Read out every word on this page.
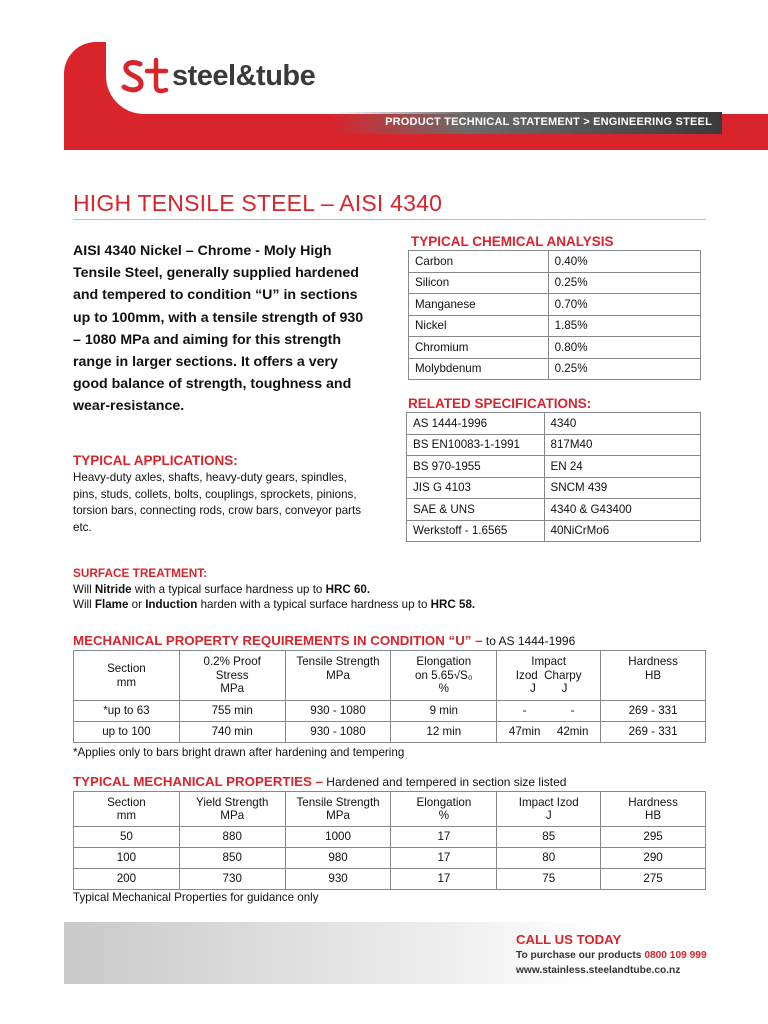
steel&tube
PRODUCT TECHNICAL STATEMENT > ENGINEERING STEEL
HIGH TENSILE STEEL – AISI 4340
AISI 4340 Nickel – Chrome - Moly High Tensile Steel, generally supplied hardened and tempered to condition “U” in sections up to 100mm, with a tensile strength of 930 – 1080 MPa and aiming for this strength range in larger sections. It offers a very good balance of strength, toughness and wear-resistance.
TYPICAL APPLICATIONS:
Heavy-duty axles, shafts, heavy-duty gears, spindles, pins, studs, collets, bolts, couplings, sprockets, pinions, torsion bars, connecting rods, crow bars, conveyor parts etc.
TYPICAL CHEMICAL ANALYSIS
Carbon	0.40%
Silicon	0.25%
Manganese	0.70%
Nickel	1.85%
Chromium	0.80%
Molybdenum	0.25%
RELATED SPECIFICATIONS:
AS 1444-1996	4340
BS EN10083-1-1991	817M40
BS 970-1955	EN 24
JIS G 4103	SNCM 439
SAE & UNS	4340 & G43400
Werkstoff - 1.6565	40NiCrMo6
SURFACE TREATMENT:
Will Nitride with a typical surface hardness up to HRC 60.
Will Flame or Induction harden with a typical surface hardness up to HRC 58.
MECHANICAL PROPERTY REQUIREMENTS IN CONDITION “U” – to AS 1444-1996
Section
mm	0.2% Proof
Stress
MPa	Tensile Strength
MPa	Elongation
on 5.65√S₀
%	Impact
Izod Charpy
J J	Hardness
HB
*up to 63	755 min	930 - 1080	9 min	- -	269 - 331
up to 100	740 min	930 - 1080	12 min	47min 42min	269 - 331
*Applies only to bars bright drawn after hardening and tempering
TYPICAL MECHANICAL PROPERTIES – Hardened and tempered in section size listed
Section
mm	Yield Strength
MPa	Tensile Strength
MPa	Elongation
%	Impact Izod
J	Hardness
HB
50	880	1000	17	85	295
100	850	980	17	80	290
200	730	930	17	75	275
Typical Mechanical Properties for guidance only
CALL US TODAY
To purchase our products 0800 109 999
www.stainless.steelandtube.co.nz
